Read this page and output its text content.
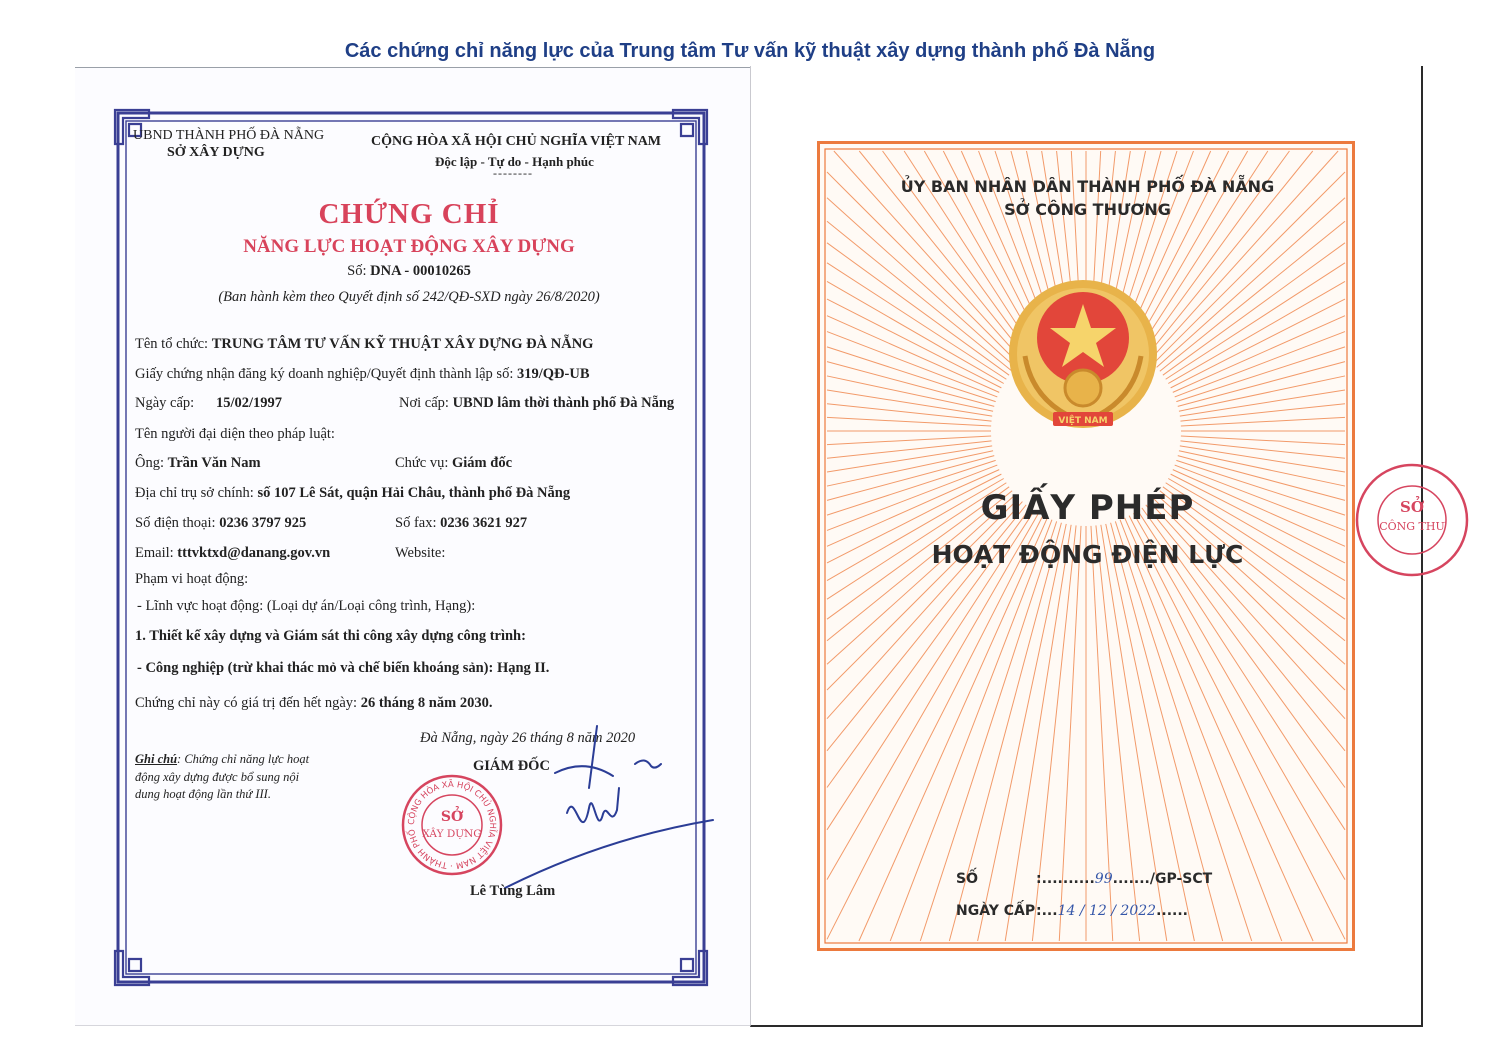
Các chứng chỉ năng lực của Trung tâm Tư vấn kỹ thuật xây dựng thành phố Đà Nẵng
UBND THÀNH PHỐ ĐÀ NẴNG
SỞ XÂY DỰNG
CỘNG HÒA XÃ HỘI CHỦ NGHĨA VIỆT NAM
Độc lập - Tự do - Hạnh phúc
--------
CHỨNG CHỈ
NĂNG LỰC HOẠT ĐỘNG XÂY DỰNG
Số: DNA - 00010265
(Ban hành kèm theo Quyết định số 242/QĐ-SXD ngày 26/8/2020)
Tên tổ chức: TRUNG TÂM TƯ VẤN KỸ THUẬT XÂY DỰNG ĐÀ NẴNG
Giấy chứng nhận đăng ký doanh nghiệp/Quyết định thành lập số: 319/QĐ-UB
Ngày cấp: 15/02/1997	Nơi cấp: UBND lâm thời thành phố Đà Nẵng
Tên người đại diện theo pháp luật:
Ông: Trần Văn Nam	Chức vụ: Giám đốc
Địa chỉ trụ sở chính: số 107 Lê Sát, quận Hải Châu, thành phố Đà Nẵng
Số điện thoại: 0236 3797 925	Số fax: 0236 3621 927
Email: tttvktxd@danang.gov.vn	Website:
Phạm vi hoạt động:
- Lĩnh vực hoạt động: (Loại dự án/Loại công trình, Hạng):
1. Thiết kế xây dựng và Giám sát thi công xây dựng công trình:
- Công nghiệp (trừ khai thác mỏ và chế biến khoáng sản): Hạng II.
Chứng chỉ này có giá trị đến hết ngày: 26 tháng 8 năm 2030.
Ghi chú: Chứng chỉ năng lực hoạt động xây dựng được bổ sung nội dung hoạt động lần thứ III.
Đà Nẵng, ngày 26 tháng 8 năm 2020
GIÁM ĐỐC
CỘNG HÒA XÃ HỘI CHỦ NGHĨA VIỆT NAM · THÀNH PHỐ
SỞ
XÂY DỰNG
Lê Tùng Lâm
ỦY BAN NHÂN DÂN THÀNH PHỐ ĐÀ NẴNG
SỞ CÔNG THƯƠNG
VIỆT NAM
GIẤY PHÉP
HOẠT ĐỘNG ĐIỆN LỰC
SỐ	:..........99......./GP-SCT
NGÀY CẤP :...14 / 12 / 2022......
SỞ
CÔNG THƯ
